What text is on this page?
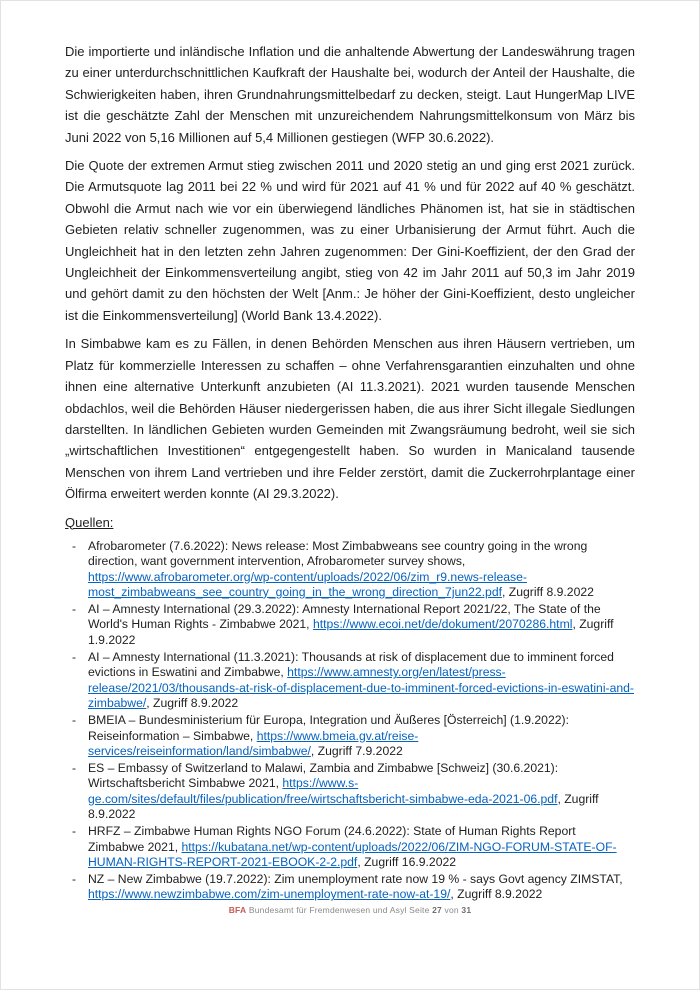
Die importierte und inländische Inflation und die anhaltende Abwertung der Landeswährung tragen zu einer unterdurchschnittlichen Kaufkraft der Haushalte bei, wodurch der Anteil der Haushalte, die Schwierigkeiten haben, ihren Grundnahrungsmittelbedarf zu decken, steigt. Laut HungerMap LIVE ist die geschätzte Zahl der Menschen mit unzureichendem Nahrungsmittelkonsum von März bis Juni 2022 von 5,16 Millionen auf 5,4 Millionen gestiegen (WFP 30.6.2022).

Die Quote der extremen Armut stieg zwischen 2011 und 2020 stetig an und ging erst 2021 zurück. Die Armutsquote lag 2011 bei 22 % und wird für 2021 auf 41 % und für 2022 auf 40 % geschätzt. Obwohl die Armut nach wie vor ein überwiegend ländliches Phänomen ist, hat sie in städtischen Gebieten relativ schneller zugenommen, was zu einer Urbanisierung der Armut führt. Auch die Ungleichheit hat in den letzten zehn Jahren zugenommen: Der Gini-Koeffizient, der den Grad der Ungleichheit der Einkommensverteilung angibt, stieg von 42 im Jahr 2011 auf 50,3 im Jahr 2019 und gehört damit zu den höchsten der Welt [Anm.: Je höher der Gini-Koeffizient, desto ungleicher ist die Einkommensverteilung] (World Bank 13.4.2022).

In Simbabwe kam es zu Fällen, in denen Behörden Menschen aus ihren Häusern vertrieben, um Platz für kommerzielle Interessen zu schaffen – ohne Verfahrensgarantien einzuhalten und ohne ihnen eine alternative Unterkunft anzubieten (AI 11.3.2021). 2021 wurden tausende Menschen obdachlos, weil die Behörden Häuser niedergerissen haben, die aus ihrer Sicht illegale Siedlungen darstellten. In ländlichen Gebieten wurden Gemeinden mit Zwangsräumung bedroht, weil sie sich „wirtschaftlichen Investitionen“ entgegengestellt haben. So wurden in Manicaland tausende Menschen von ihrem Land vertrieben und ihre Felder zerstört, damit die Zuckerrohrplantage einer Ölfirma erweitert werden konnte (AI 29.3.2022).

Quellen:

- Afrobarometer (7.6.2022): News release: Most Zimbabweans see country going in the wrong direction, want government intervention, Afrobarometer survey shows, https://www.afrobarometer.org/wp-content/uploads/2022/06/zim_r9.news-release-most_zimbabweans_see_country_going_in_the_wrong_direction_7jun22.pdf, Zugriff 8.9.2022
- AI – Amnesty International (29.3.2022): Amnesty International Report 2021/22, The State of the World's Human Rights - Zimbabwe 2021, https://www.ecoi.net/de/dokument/2070286.html, Zugriff 1.9.2022
- AI – Amnesty International (11.3.2021): Thousands at risk of displacement due to imminent forced evictions in Eswatini and Zimbabwe, https://www.amnesty.org/en/latest/press-release/2021/03/thousands-at-risk-of-displacement-due-to-imminent-forced-evictions-in-eswatini-and-zimbabwe/, Zugriff 8.9.2022
- BMEIA – Bundesministerium für Europa, Integration und Äußeres [Österreich] (1.9.2022): Reiseinformation – Simbabwe, https://www.bmeia.gv.at/reise-services/reiseinformation/land/simbabwe/, Zugriff 7.9.2022
- ES – Embassy of Switzerland to Malawi, Zambia and Zimbabwe [Schweiz] (30.6.2021): Wirtschaftsbericht Simbabwe 2021, https://www.s-ge.com/sites/default/files/publication/free/wirtschaftsbericht-simbabwe-eda-2021-06.pdf, Zugriff 8.9.2022
- HRFZ – Zimbabwe Human Rights NGO Forum (24.6.2022): State of Human Rights Report Zimbabwe 2021, https://kubatana.net/wp-content/uploads/2022/06/ZIM-NGO-FORUM-STATE-OF-HUMAN-RIGHTS-REPORT-2021-EBOOK-2-2.pdf, Zugriff 16.9.2022
- NZ – New Zimbabwe (19.7.2022): Zim unemployment rate now 19 % - says Govt agency ZIMSTAT, https://www.newzimbabwe.com/zim-unemployment-rate-now-at-19/, Zugriff 8.9.2022
BFA Bundesamt für Fremdenwesen und Asyl Seite 27 von 31
